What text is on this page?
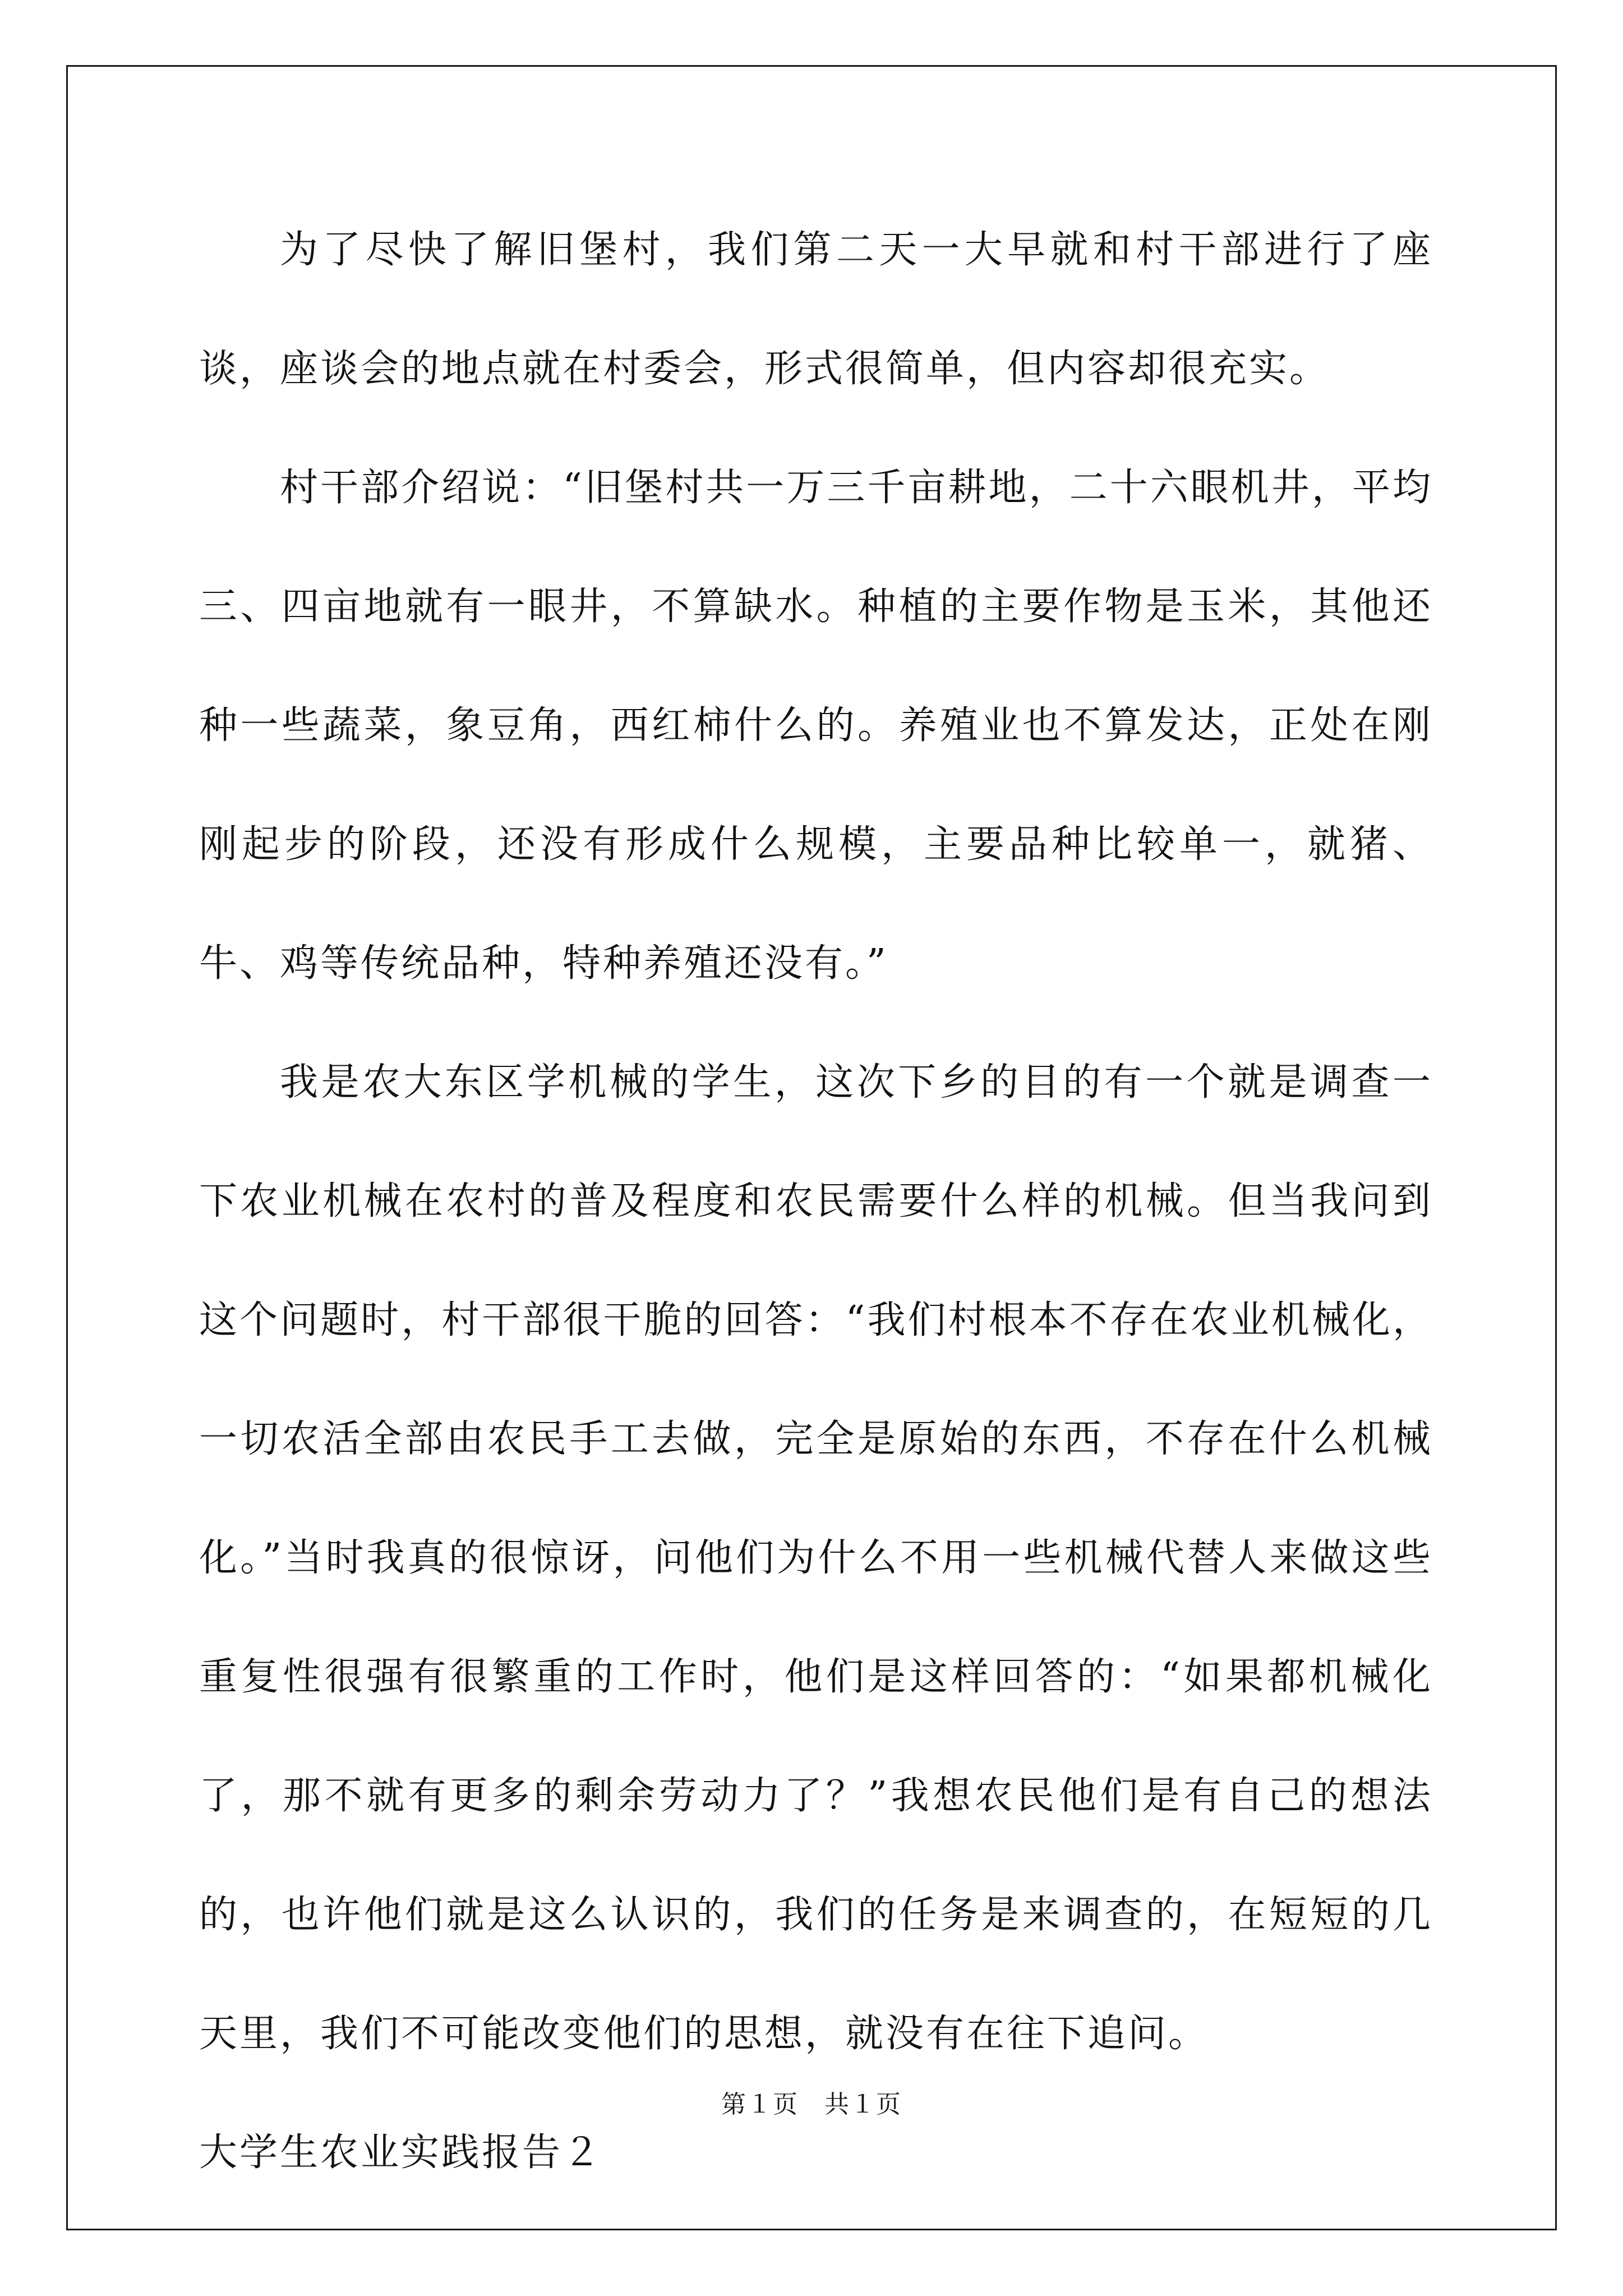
为了尽快了解旧堡村，我们第二天一大早就和村干部进行了座谈，座谈会的地点就在村委会，形式很简单，但内容却很充实。

村干部介绍说：“旧堡村共一万三千亩耕地，二十六眼机井，平均三、四亩地就有一眼井，不算缺水。种植的主要作物是玉米，其他还种一些蔬菜，象豆角，西红柿什么的。养殖业也不算发达，正处在刚刚起步的阶段，还没有形成什么规模，主要品种比较单一，就猪、牛、鸡等传统品种，特种养殖还没有。”

我是农大东区学机械的学生，这次下乡的目的有一个就是调查一下农业机械在农村的普及程度和农民需要什么样的机械。但当我问到这个问题时，村干部很干脆的回答：“我们村根本不存在农业机械化，一切农活全部由农民手工去做，完全是原始的东西，不存在什么机械化。”当时我真的很惊讶，问他们为什么不用一些机械代替人来做这些重复性很强有很繁重的工作时，他们是这样回答的：“如果都机械化了，那不就有更多的剩余劳动力了？”我想农民他们是有自己的想法的，也许他们就是这么认识的，我们的任务是来调查的，在短短的几天里，我们不可能改变他们的思想，就没有在往下追问。

大学生农业实践报告２

第１页　共１页
